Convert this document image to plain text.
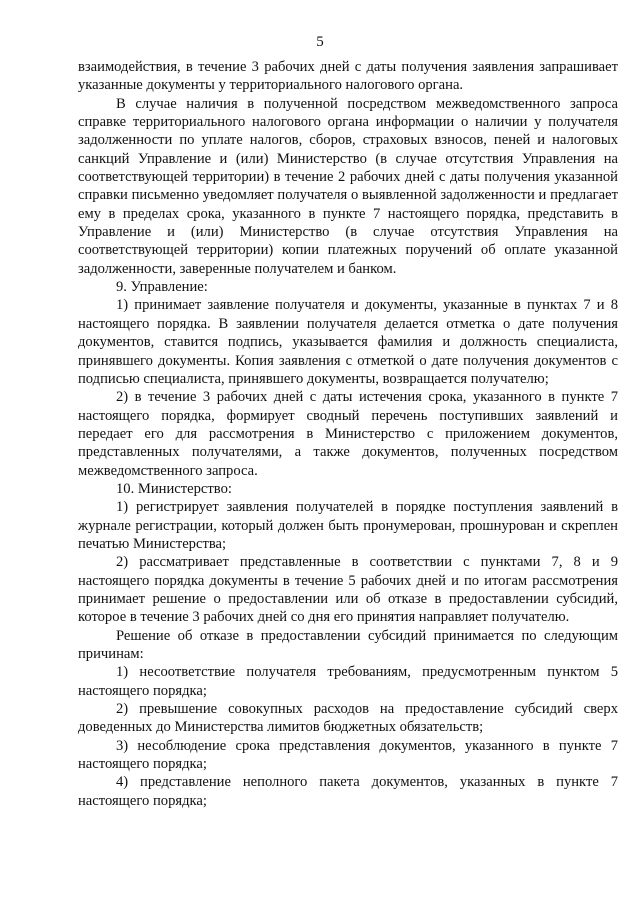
5

взаимодействия, в течение 3 рабочих дней с даты получения заявления запрашивает указанные документы у территориального налогового органа.

В случае наличия в полученной посредством межведомственного запроса справке территориального налогового органа информации о наличии у получателя задолженности по уплате налогов, сборов, страховых взносов, пеней и налоговых санкций Управление и (или) Министерство (в случае отсутствия Управления на соответствующей территории) в течение 2 рабочих дней с даты получения указанной справки письменно уведомляет получателя о выявленной задолженности и предлагает ему в пределах срока, указанного в пункте 7 настоящего порядка, представить в Управление и (или) Министерство (в случае отсутствия Управления на соответствующей территории) копии платежных поручений об оплате указанной задолженности, заверенные получателем и банком.

9. Управление:

1) принимает заявление получателя и документы, указанные в пунктах 7 и 8 настоящего порядка. В заявлении получателя делается отметка о дате получения документов, ставится подпись, указывается фамилия и должность специалиста, принявшего документы. Копия заявления с отметкой о дате получения документов с подписью специалиста, принявшего документы, возвращается получателю;

2) в течение 3 рабочих дней с даты истечения срока, указанного в пункте 7 настоящего порядка, формирует сводный перечень поступивших заявлений и передает его для рассмотрения в Министерство с приложением документов, представленных получателями, а также документов, полученных посредством межведомственного запроса.

10. Министерство:

1) регистрирует заявления получателей в порядке поступления заявлений в журнале регистрации, который должен быть пронумерован, прошнурован и скреплен печатью Министерства;

2) рассматривает представленные в соответствии с пунктами 7, 8 и 9 настоящего порядка документы в течение 5 рабочих дней и по итогам рассмотрения принимает решение о предоставлении или об отказе в предоставлении субсидий, которое в течение 3 рабочих дней со дня его принятия направляет получателю.

Решение об отказе в предоставлении субсидий принимается по следующим причинам:

1) несоответствие получателя требованиям, предусмотренным пунктом 5 настоящего порядка;

2) превышение совокупных расходов на предоставление субсидий сверх доведенных до Министерства лимитов бюджетных обязательств;

3) несоблюдение срока представления документов, указанного в пункте 7 настоящего порядка;

4) представление неполного пакета документов, указанных в пункте 7 настоящего порядка;
